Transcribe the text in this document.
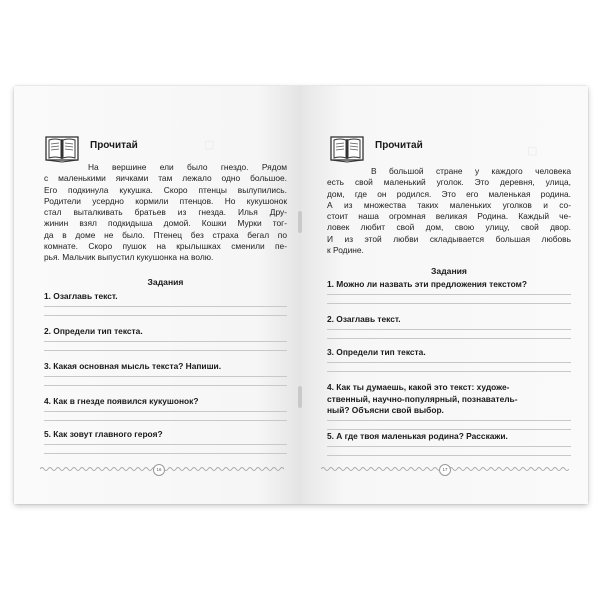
▢
Прочитай
На вершине ели было гнездо. Рядом
с маленькими яичками там лежало одно большое.
Его подкинула кукушка. Скоро птенцы вылупились.
Родители усердно кормили птенцов. Но кукушонок
стал выталкивать братьев из гнезда. Илья Дру-
жинин взял подкидыша домой. Кошки Мурки тог-
да в доме не было. Птенец без страха бегал по
комнате. Скоро пушок на крылышках сменили пе-
рья. Мальчик выпустил кукушонка на волю.
Задания
1. Озаглавь текст.
2. Определи тип текста.
3. Какая основная мысль текста? Напиши.
4. Как в гнезде появился кукушонок?
5. Как зовут главного героя?
16
▢
Прочитай
В большой стране у каждого человека
есть свой маленький уголок. Это деревня, улица,
дом, где он родился. Это его маленькая родина.
А из множества таких маленьких уголков и со-
стоит наша огромная великая Родина. Каждый че-
ловек любит свой дом, свою улицу, свой двор.
И из этой любви складывается большая любовь
к Родине.
Задания
1. Можно ли назвать эти предложения текстом?
2. Озаглавь текст.
3. Определи тип текста.
4. Как ты думаешь, какой это текст: художе-
ственный, научно-популярный, познаватель-
ный? Объясни свой выбор.
5. А где твоя маленькая родина? Расскажи.
17
